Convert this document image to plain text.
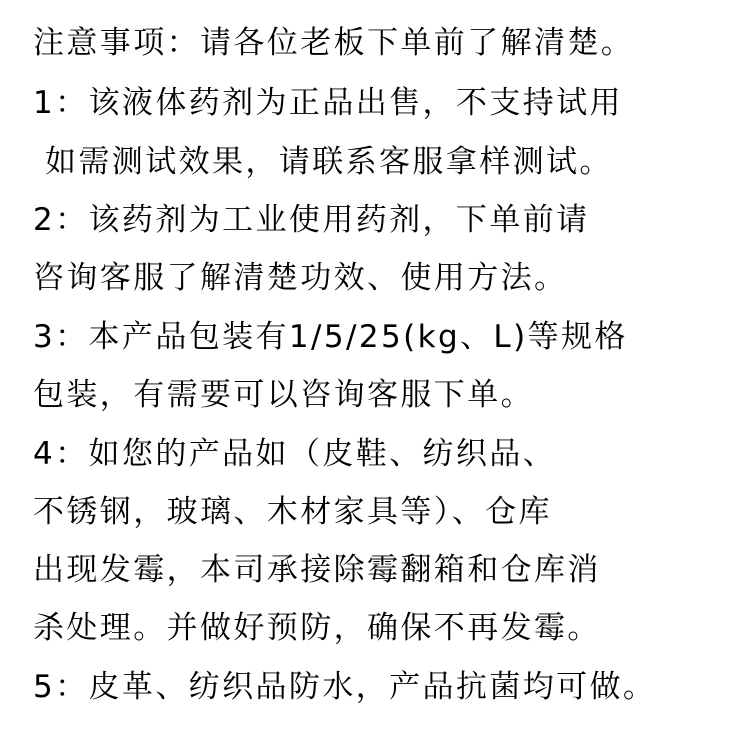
注意事项：请各位老板下单前了解清楚。
1：该液体药剂为正品出售，不支持试用
如需测试效果，请联系客服拿样测试。
2：该药剂为工业使用药剂，下单前请
咨询客服了解清楚功效、使用方法。
3：本产品包装有1/5/25(kg、L)等规格
包装，有需要可以咨询客服下单。
4：如您的产品如（皮鞋、纺织品、
不锈钢，玻璃、木材家具等）、仓库
出现发霉，本司承接除霉翻箱和仓库消
杀处理。并做好预防，确保不再发霉。
5：皮革、纺织品防水，产品抗菌均可做。
